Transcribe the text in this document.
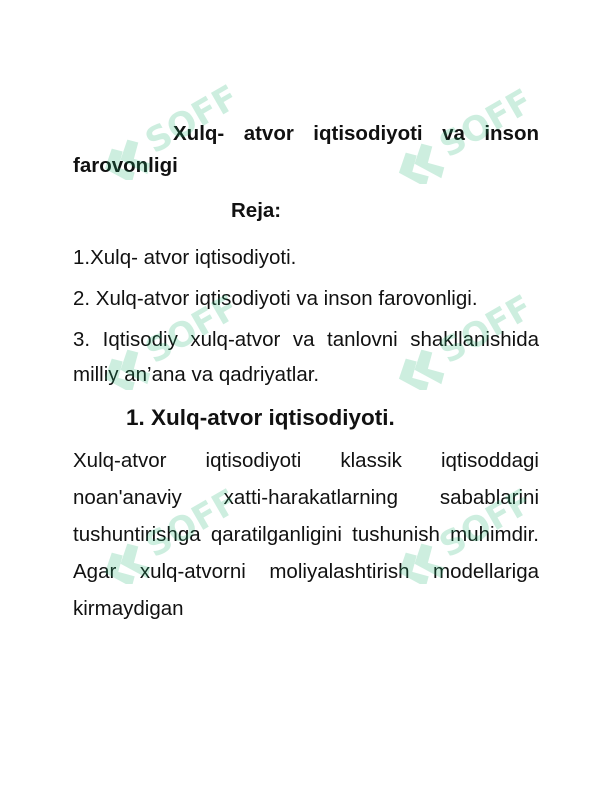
Xulq- atvor iqtisodiyoti va inson farovonligi

Reja:

1.Xulq- atvor iqtisodiyoti.

2. Xulq-atvor iqtisodiyoti va inson farovonligi.

3. Iqtisodiy xulq-atvor va tanlovni shakllanishida milliy an’ana va qadriyatlar.

1. Xulq-atvor iqtisodiyoti.

Xulq-atvor iqtisodiyoti klassik iqtisoddagi noan'anaviy xatti-harakatlarning sabablarini tushuntirishga qaratilganligini tushunish muhimdir. Agar xulq-atvorni moliyalashtirish modellariga kirmaydigan

SOFF	SOFF
SOFF	SOFF
SOFF	SOFF
